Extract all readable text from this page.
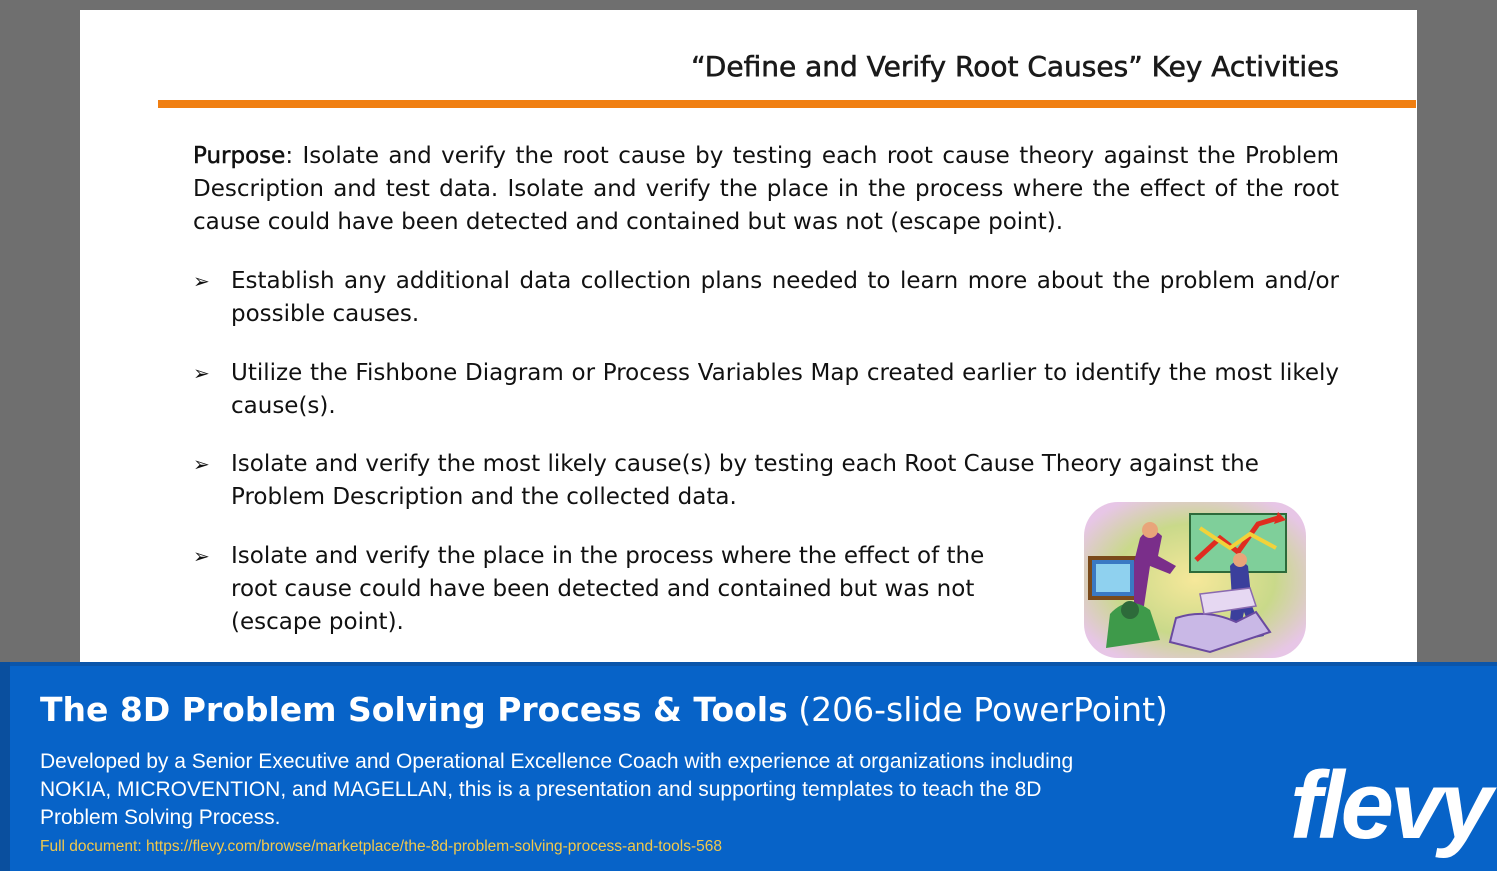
“Define and Verify Root Causes” Key Activities
Purpose: Isolate and verify the root cause by testing each root cause theory against the Problem Description and test data. Isolate and verify the place in the process where the effect of the root cause could have been detected and contained but was not (escape point).
➢ Establish any additional data collection plans needed to learn more about the problem and/or possible causes.
➢ Utilize the Fishbone Diagram or Process Variables Map created earlier to identify the most likely cause(s).
➢ Isolate and verify the most likely cause(s) by testing each Root Cause Theory against the Problem Description and the collected data.
➢ Isolate and verify the place in the process where the effect of the root cause could have been detected and contained but was not (escape point).
The 8D Problem Solving Process & Tools (206-slide PowerPoint)
Developed by a Senior Executive and Operational Excellence Coach with experience at organizations including NOKIA, MICROVENTION, and MAGELLAN, this is a presentation and supporting templates to teach the 8D Problem Solving Process.
Full document: https://flevy.com/browse/marketplace/the-8d-problem-solving-process-and-tools-568	flevy
